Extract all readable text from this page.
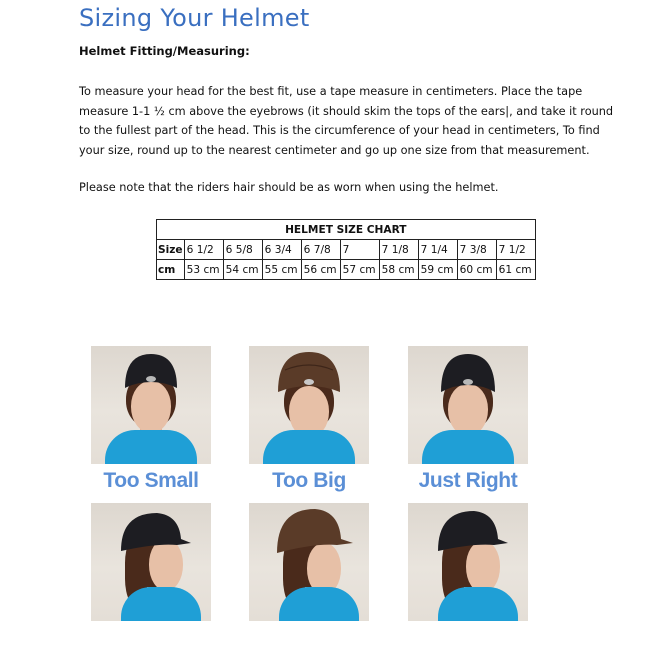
Sizing Your Helmet
Helmet Fitting/Measuring:
To measure your head for the best fit, use a tape measure in centimeters. Place the tape measure 1-1 ½ cm above the eyebrows (it should skim the tops of the ears|, and take it round to the fullest part of the head. This is the circumference of your head in centimeters, To find your size, round up to the nearest centimeter and go up one size from that measurement.
Please note that the riders hair should be as worn when using the helmet.
HELMET SIZE CHART									
Size	6 1/2	6 5/8	6 3/4	6 7/8	7	7 1/8	7 1/4	7 3/8	7 1/2
cm	53 cm	54 cm	55 cm	56 cm	57 cm	58 cm	59 cm	60 cm	61 cm
Too Small	Too Big	Just Right
